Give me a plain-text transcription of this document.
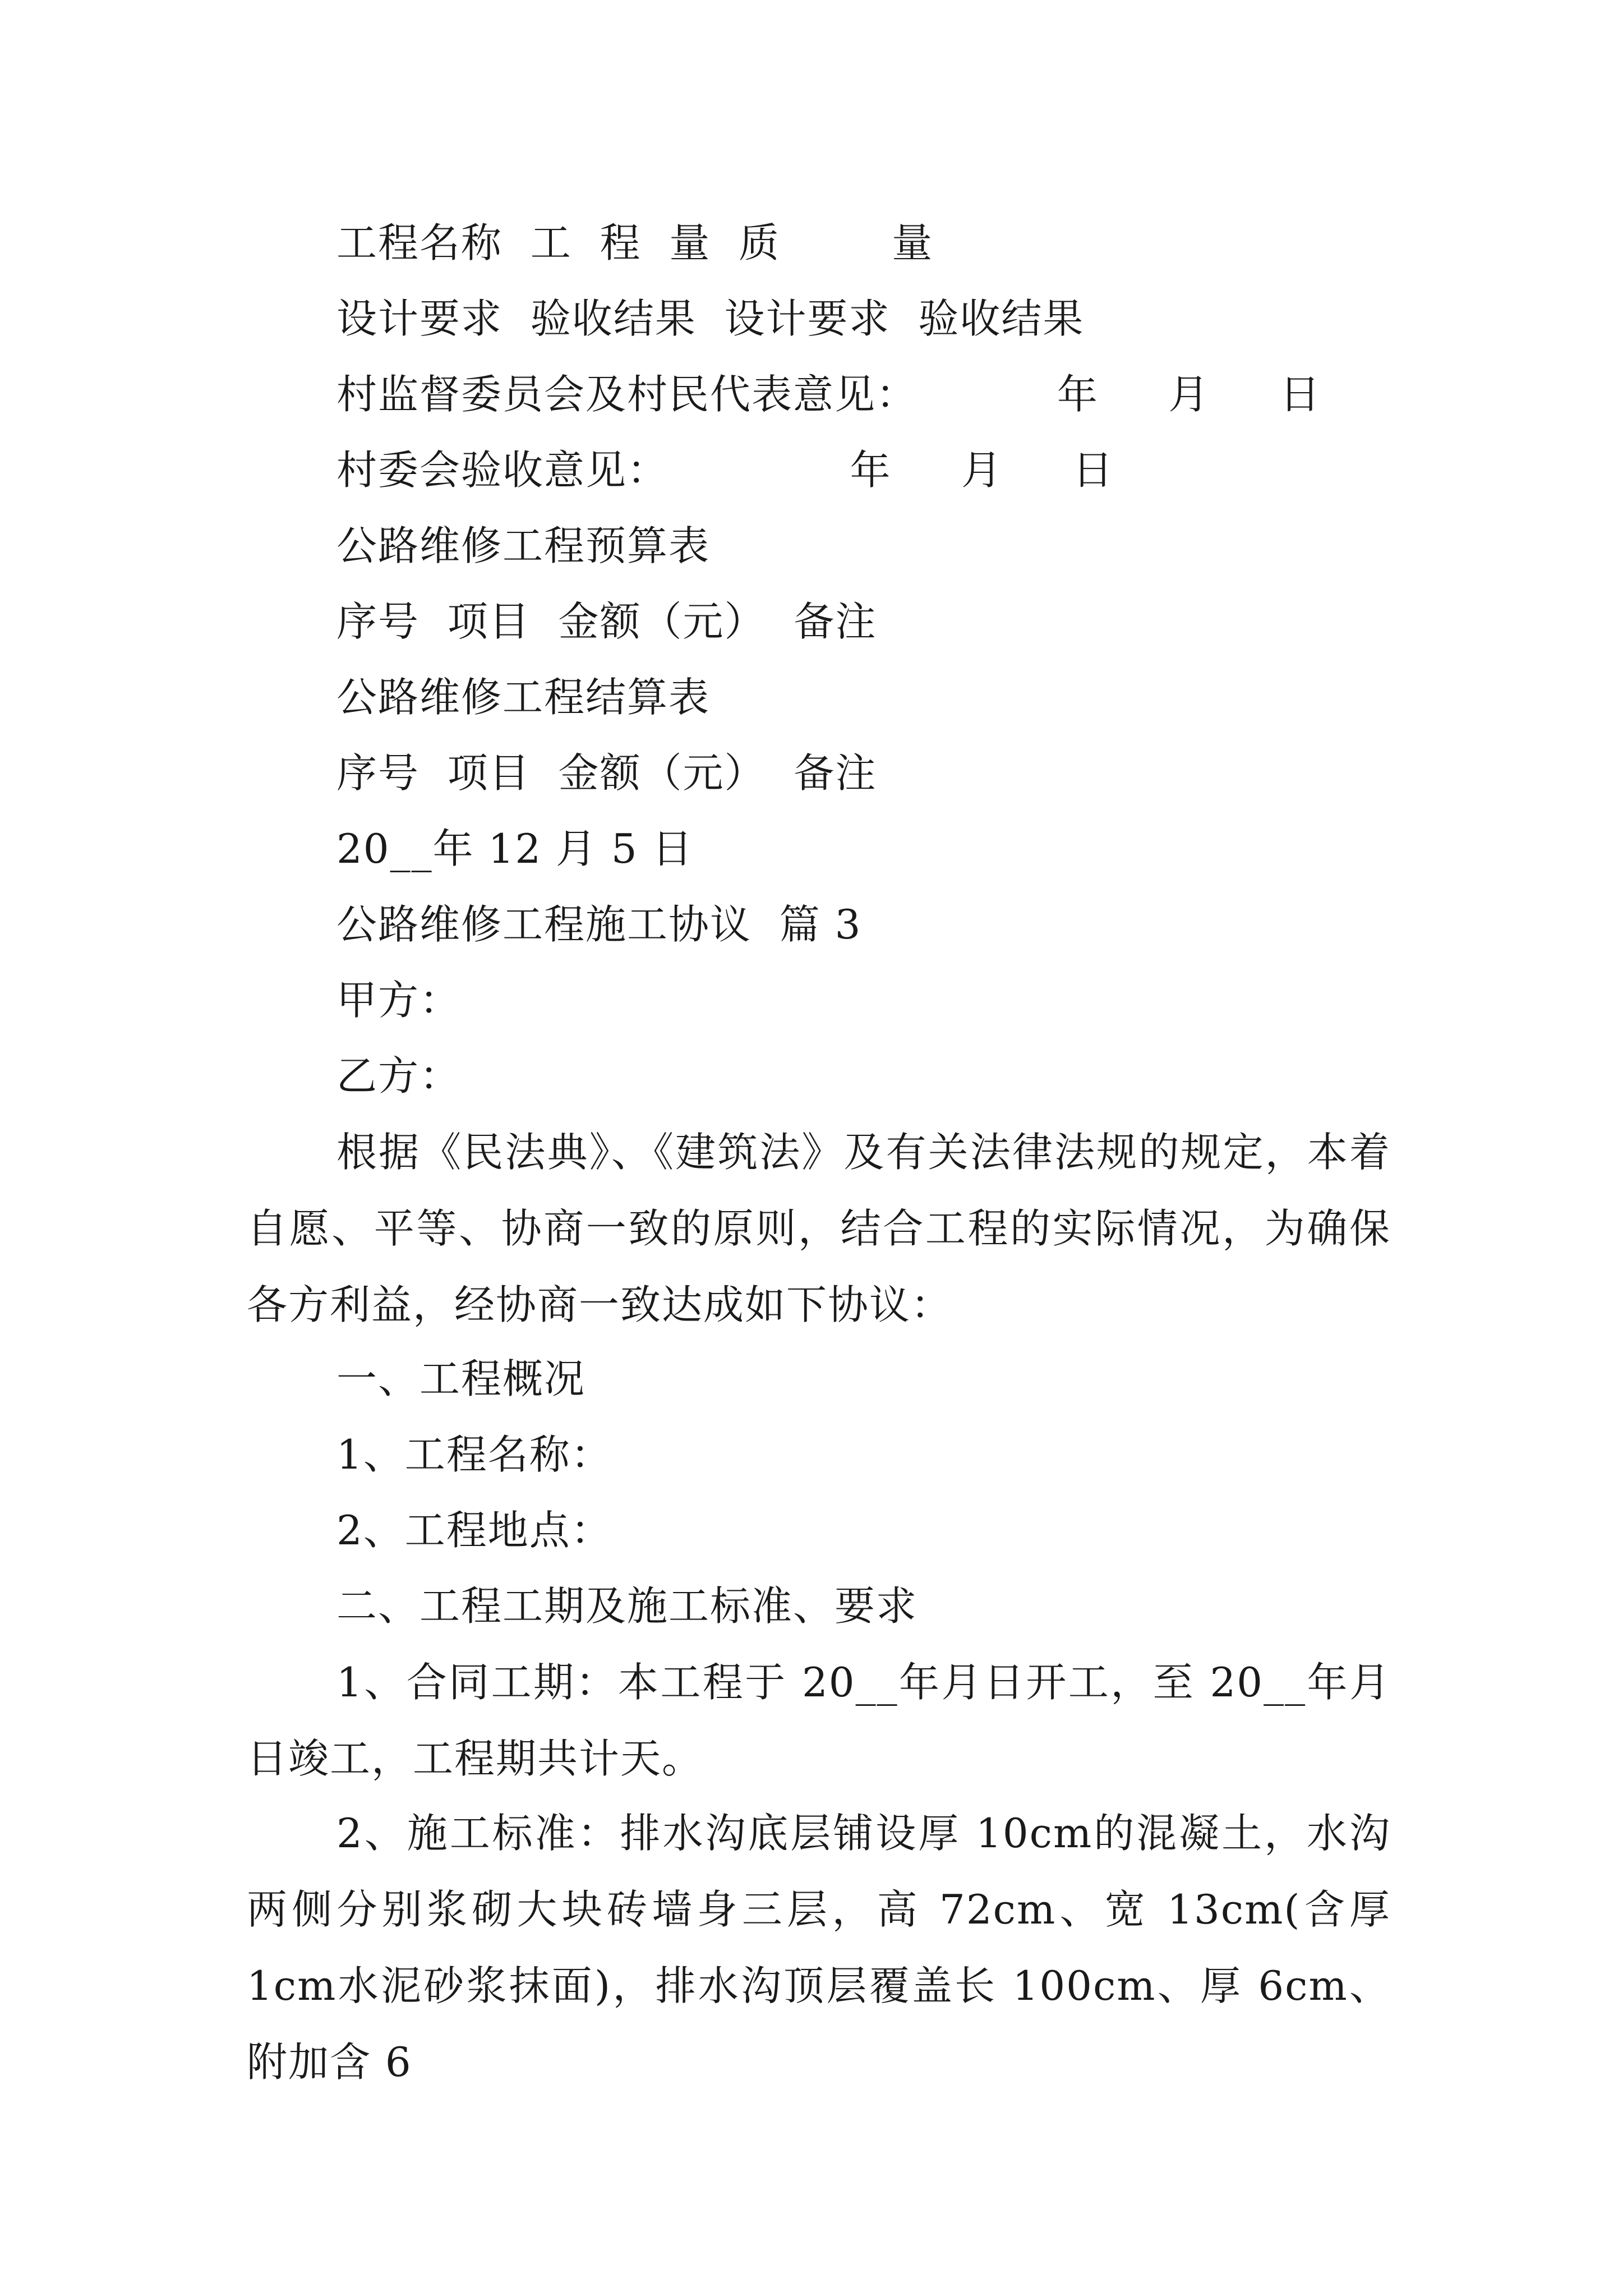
工程名称  工  程  量  质        量
设计要求  验收结果  设计要求  验收结果
村监督委员会及村民代表意见：          年     月     日
村委会验收意见：             年     月     日
公路维修工程预算表
序号  项目  金额（元）  备注
公路维修工程结算表
序号  项目  金额（元）  备注
20__年 12 月 5 日
公路维修工程施工协议  篇 3
甲方：
乙方：
根据《民法典》、《建筑法》及有关法律法规的规定，本着自愿、平等、协商一致的原则，结合工程的实际情况，为确保各方利益，经协商一致达成如下协议：
一、工程概况
1、工程名称：
2、工程地点：
二、工程工期及施工标准、要求
1、合同工期：本工程于 20__年月日开工，至 20__年月日竣工，工程期共计天。
2、施工标准：排水沟底层铺设厚 10cm的混凝土，水沟两侧分别浆砌大块砖墙身三层，高 72cm、宽 13cm(含厚 1cm水泥砂浆抹面)，排水沟顶层覆盖长 100cm、厚 6cm、附加含 6
